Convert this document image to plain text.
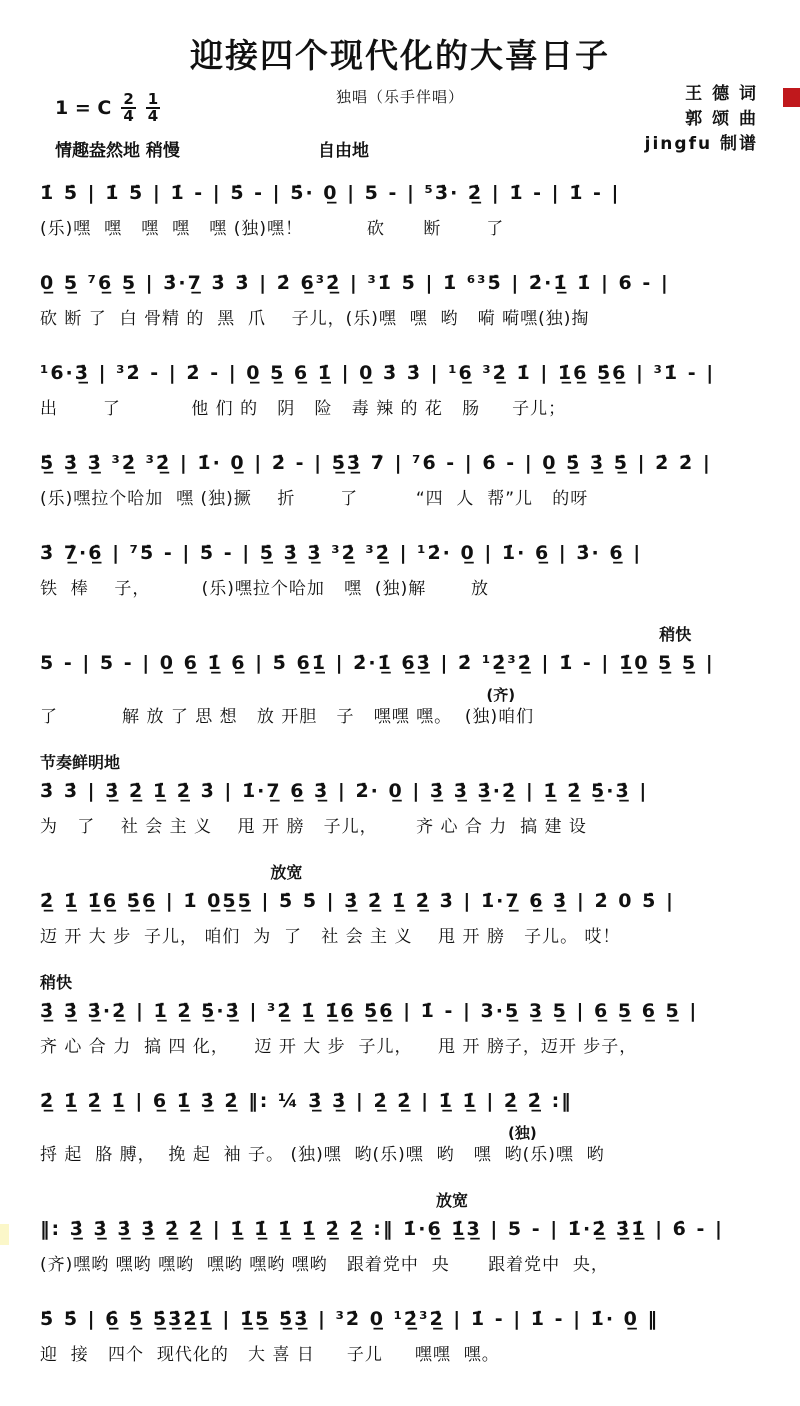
迎接四个现代化的大喜日子
独唱（乐手伴唱）
1 = C $\frac{2}{4} \frac{1}{4}$	王 德 词
郭 颂 曲
jingfu 制谱
情趣盎然地 稍慢	自由地
1̇ 5̇ | 1̇ 5̇ | 1̇ - | 5̇ - | 5̇· 0̲ | 5 - | ⁵3̇· 2̲̇ | 1̇ - | 1̇ - |
(乐)嘿  嘿   嘿  嘿   嘿 (独)嘿！          砍      断       了
0̲ 5̲ ⁷6̲ 5̲ | 3̇·7̲ 3̇ 3̇ | 2̇ 6̲³2̲̇ | ³1̇ 5̇ | 1̇ ⁶³5̇ | 2̇·1̲̇ 1̇ | 6 - |
砍 断 了  白 骨精 的  黑  爪    子儿，(乐)嘿  嘿  哟   嗬 嗬嘿(独)掏
¹6·3̲̇ | ³2̇ - | 2̇ - | 0̲ 5̲ 6̲ 1̲̇ | 0̲ 3̇ 3̇ | ¹6̲ ³2̲̇ 1̇ | 1̲̇6̲ 5̲̇6̲ | ³1̇ - |
出       了           他 们 的   阴   险   毒 辣 的 花   肠     子儿；
5̲̇ 3̲̇ 3̲̇ ³2̲̇ ³2̲̇ | 1̇· 0̲ | 2̇ - | 5̲̇3̲̇ 7̇ | ⁷6̇ - | 6̇ - | 0̲ 5̲̇ 3̲̇ 5̲̇ | 2̇ 2̇ |
(乐)嘿拉个哈加  嘿 (独)撅    折       了         “四  人  帮”儿   的呀
3̇ 7̲̇·6̲̇ | ⁷5̇ - | 5̇ - | 5̲̇ 3̲̇ 3̲̇ ³2̲̇ ³2̲̇ | ¹2̇· 0̲ | 1̇· 6̲ | 3̇· 6̲ |
铁  棒    子，        (乐)嘿拉个哈加   嘿  (独)解       放
稍快
5 - | 5 - | 0̲ 6̲ 1̲̇ 6̲ | 5̇ 6̲1̲̇ | 2̇·1̲̇ 6̲3̲̇ | 2̇ ¹2̲̇³2̲̇ | 1̇ - | 1̲̇0̲ 5̲ 5̲ |
(齐)
了          解 放 了 思 想   放 开胆   子   嘿嘿 嘿。  (独)咱们
节奏鲜明地
3̇ 3̇ | 3̲̇ 2̲̇ 1̲̇ 2̲̇ 3̇ | 1̇·7̲ 6̲ 3̲̇ | 2̇· 0̲ | 3̲̇ 3̲̇ 3̲̇·2̲̇ | 1̲̇ 2̲̇ 5̲̇·3̲̇ |
为   了    社 会 主 义    甩 开 膀   子儿，      齐 心 合 力  搞 建 设
放宽
2̲̇ 1̲̇ 1̲̇6̲ 5̲̇6̲ | 1̇ 0̲5̲5̲ | 5̇ 5̇ | 3̲̇ 2̲̇ 1̲̇ 2̲̇ 3̇ | 1̇·7̲ 6̲ 3̲̇ | 2̇ 0 5̇ |
迈 开 大 步  子儿， 咱们  为  了   社 会 主 义    甩 开 膀   子儿。 哎！
稍快
3̲̇ 3̲̇ 3̲̇·2̲̇ | 1̲̇ 2̲̇ 5̲̇·3̲̇ | ³2̲̇ 1̲̇ 1̲̇6̲ 5̲̇6̲ | 1̇ - | 3·5̲ 3̲ 5̲ | 6̲ 5̲ 6̲ 5̲ |
齐 心 合 力  搞 四 化，    迈 开 大 步  子儿，    甩 开 膀子，迈开 步子，
2̲̇ 1̲̇ 2̲̇ 1̲̇ | 6̲ 1̲̇ 3̲̇ 2̲̇ ‖: ¼ 3̲̇ 3̲̇ | 2̲̇ 2̲̇ | 1̲̇ 1̲̇ | 2̲̇ 2̲̇ :‖
(独)
捋 起  胳 膊，  挽 起  袖 子。 (独)嘿  哟(乐)嘿  哟   嘿  哟(乐)嘿  哟
放宽
‖: 3̲̇ 3̲̇ 3̲̇ 3̲̇ 2̲̇ 2̲̇ | 1̲̇ 1̲̇ 1̲̇ 1̲̇ 2̲̇ 2̲̇ :‖ 1̇·6̲ 1̲̇3̲ | 5 - | 1̇·2̲̇ 3̲̇1̲̇ | 6̇ - |
(齐)嘿哟 嘿哟 嘿哟  嘿哟 嘿哟 嘿哟   跟着党中  央      跟着党中  央，
5̇ 5̇ | 6̲̇ 5̲̇ 5̲̇3̲̇2̲̇1̲̇ | 1̲̇5̲ 5̲̇3̲̇ | ³2̇ 0̲ ¹2̲̇³2̲̇ | 1̇ - | 1̇ - | 1̇· 0̲ ‖
迎  接   四个  现代化的   大 喜 日     子儿     嘿嘿  嘿。
